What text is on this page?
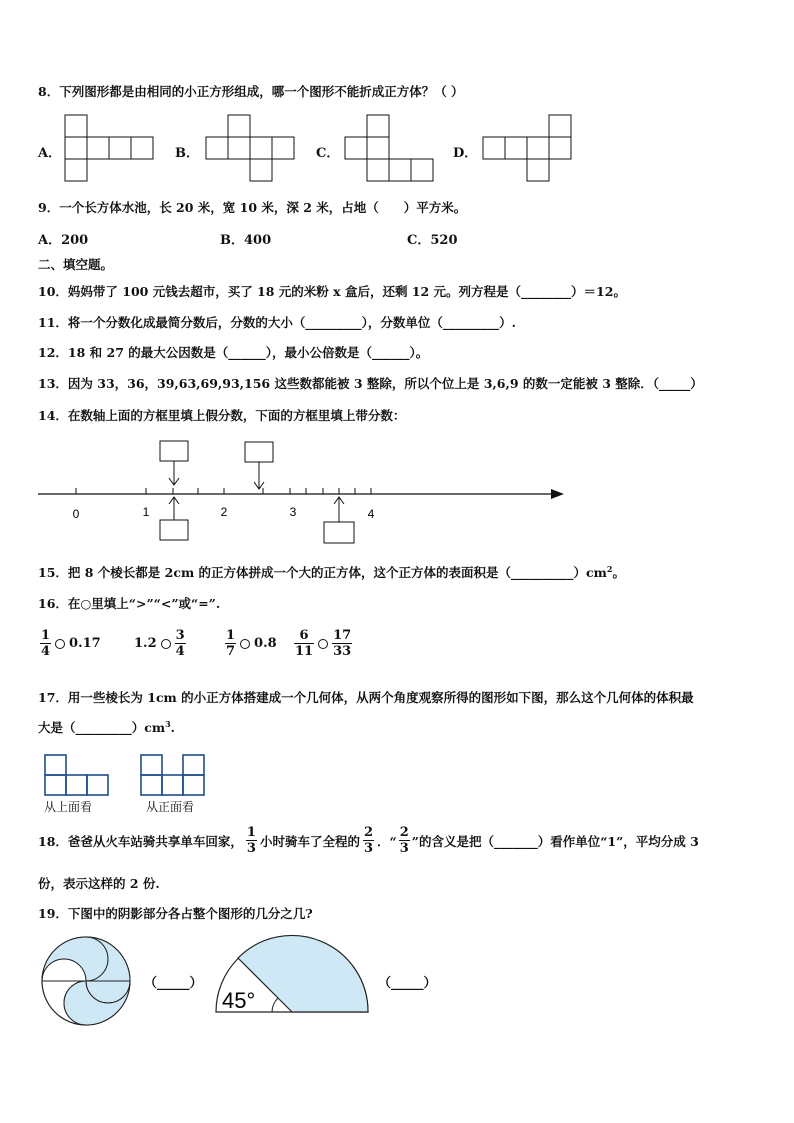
8．下列图形都是由相同的小正方形组成，哪一个图形不能折成正方体？（ ）
A．	B．	C．	D．
9．一个长方体水池，长 20 米，宽 10 米，深 2 米，占地（　　）平方米。
A．200	B．400	C．520
二、填空题。
10．妈妈带了 100 元钱去超市，买了 18 元的米粉 x 盒后，还剩 12 元。列方程是（________）＝12。
11．将一个分数化成最简分数后，分数的大小（_________），分数单位（_________）.
12．18 和 27 的最大公因数是（______），最小公倍数是（______）。
13．因为 33，36，39,63,69,93,156 这些数都能被 3 整除，所以个位上是 3,6,9 的数一定能被 3 整除．（_____）
14．在数轴上面的方框里填上假分数，下面的方框里填上带分数：
0	1	2	3	4
15．把 8 个棱长都是 2cm 的正方体拼成一个大的正方体，这个正方体的表面积是$(\_\_\_\_\_\_\_\_\_\_)cm^2$。
16．在○里填上“>”“<”或“=”.
$\frac{1}{4} 0.17$	$1.2 \frac{3}{4}$	$\frac{1}{7} 0.8 \frac{6}{11} \frac{17}{33}$
17．用一些棱长为 1cm 的小正方体搭建成一个几何体，从两个角度观察所得的图形如下图，那么这个几何体的体积最
大是$(\_\_\_\_\_\_\_\_\_)cm^3$.
从上面看	从正面看
18．爸爸从火车站骑共享单车回家， $\frac{1}{3}$ 小时骑车了全程的 $\frac{2}{3}$ ．“ $\frac{2}{3}$ ”的含义是把（_______）看作单位“1”，平均分成 3
份，表示这样的 2 份.
19．下图中的阴影部分各占整个图形的几分之几?
（_____）
45°
（_____）
